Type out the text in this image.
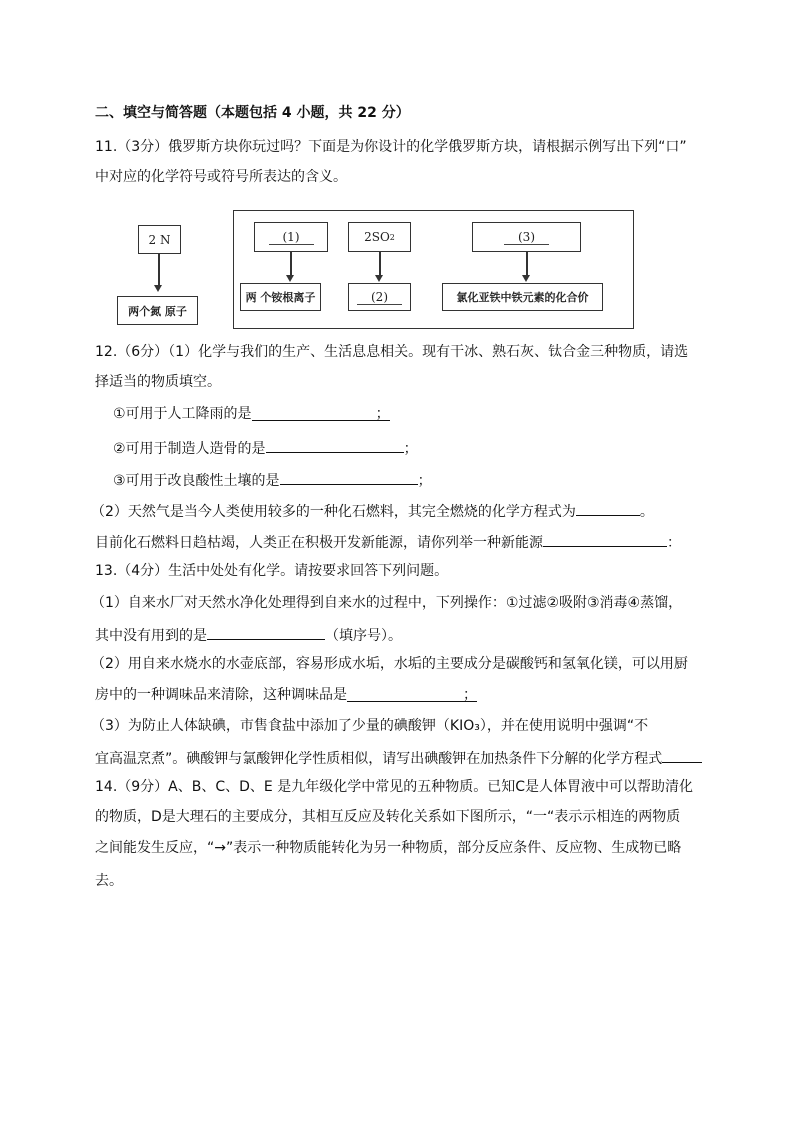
二、填空与简答题（本题包括 4 小题，共 22 分）
11.（3分）俄罗斯方块你玩过吗？下面是为你设计的化学俄罗斯方块，请根据示例写出下列“口”
中对应的化学符号或符号所表达的含义。
2 N
两个氮 原子
(1)
两 个铵根离子
2SO 2
(2)
(3)
氯化亚铁中铁元素的化合价
12.（6分）（1）化学与我们的生产、生活息息相关。现有干冰、熟石灰、钛合金三种物质，请选
择适当的物质填空。
①可用于人工降雨的是	；
②可用于制造人造骨的是	；
③可用于改良酸性土壤的是	；
（2）天然气是当今人类使用较多的一种化石燃料，其完全燃烧的化学方程式为	。
目前化石燃料日趋枯竭，人类正在积极开发新能源，请你列举一种新能源	：
13.（4分）生活中处处有化学。请按要求回答下列问题。
（1）自来水厂对天然水净化处理得到自来水的过程中，下列操作：①过滤②吸附③消毒④蒸馏，
其中没有用到的是	（填序号）。
（2）用自来水烧水的水壶底部，容易形成水垢，水垢的主要成分是碳酸钙和氢氧化镁，可以用厨
房中的一种调味品来清除，这种调味品是	；
（3）为防止人体缺碘，市售食盐中添加了少量的碘酸钾（KIO₃），并在使用说明中强调“不
宜高温烹煮”。碘酸钾与氯酸钾化学性质相似，请写出碘酸钾在加热条件下分解的化学方程式
14.（9分）A、B、C、D、E 是九年级化学中常见的五种物质。已知C是人体胃液中可以帮助清化
的物质，D是大理石的主要成分，其相互反应及转化关系如下图所示，“一“表示示相连的两物质
之间能发生反应，“→”表示一种物质能转化为另一种物质，部分反应条件、反应物、生成物已略
去。
